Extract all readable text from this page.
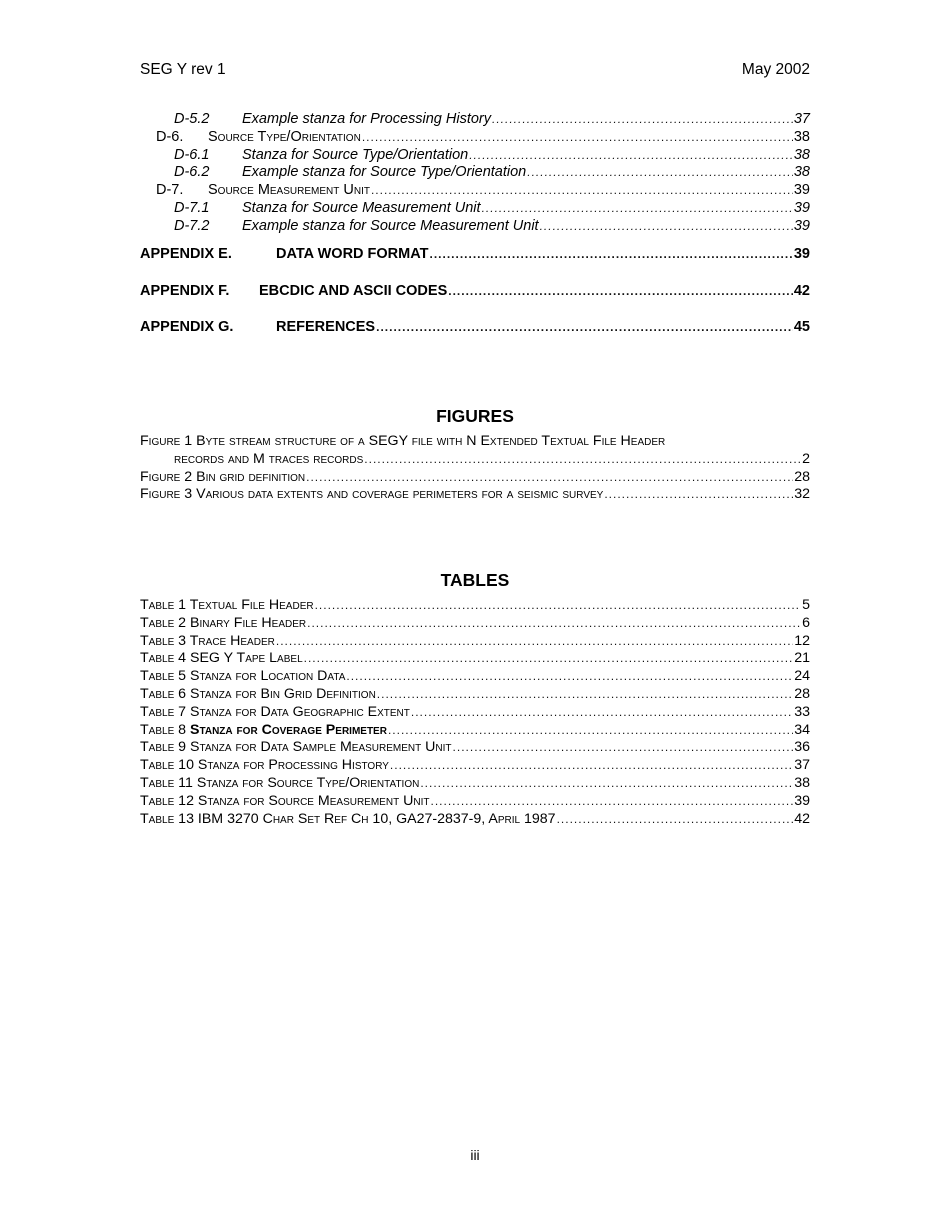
SEG Y rev 1	May 2002
D-5.2	Example stanza for Processing History .....	37
D-6.	Source Type/Orientation .....	38
D-6.1	Stanza for Source Type/Orientation .....	38
D-6.2	Example stanza for Source Type/Orientation .....	38
D-7.	Source Measurement Unit .....	39
D-7.1	Stanza for Source Measurement Unit .....	39
D-7.2	Example stanza for Source Measurement Unit .....	39
APPENDIX E.	DATA WORD FORMAT .....	39
APPENDIX F.	EBCDIC AND ASCII CODES .....	42
APPENDIX G.	REFERENCES .....	45
FIGURES
Figure 1 Byte stream structure of a SEGY file with N Extended Textual File Header
records and M traces records .....	2
Figure 2 Bin grid definition .....	28
Figure 3 Various data extents and coverage perimeters for a seismic survey .....	32
TABLES
Table 1 Textual File Header .....	5
Table 2 Binary File Header .....	6
Table 3 Trace Header .....	12
Table 4 SEG Y Tape Label .....	21
Table 5 Stanza for Location Data .....	24
Table 6 Stanza for Bin Grid Definition .....	28
Table 7 Stanza for Data Geographic Extent .....	33
Table 8 Stanza for Coverage Perimeter .....	34
Table 9 Stanza for Data Sample Measurement Unit .....	36
Table 10 Stanza for Processing History .....	37
Table 11 Stanza for Source Type/Orientation .....	38
Table 12 Stanza for Source Measurement Unit .....	39
Table 13 IBM 3270 Char Set Ref Ch 10, GA27-2837-9, April 1987 .....	42
iii
